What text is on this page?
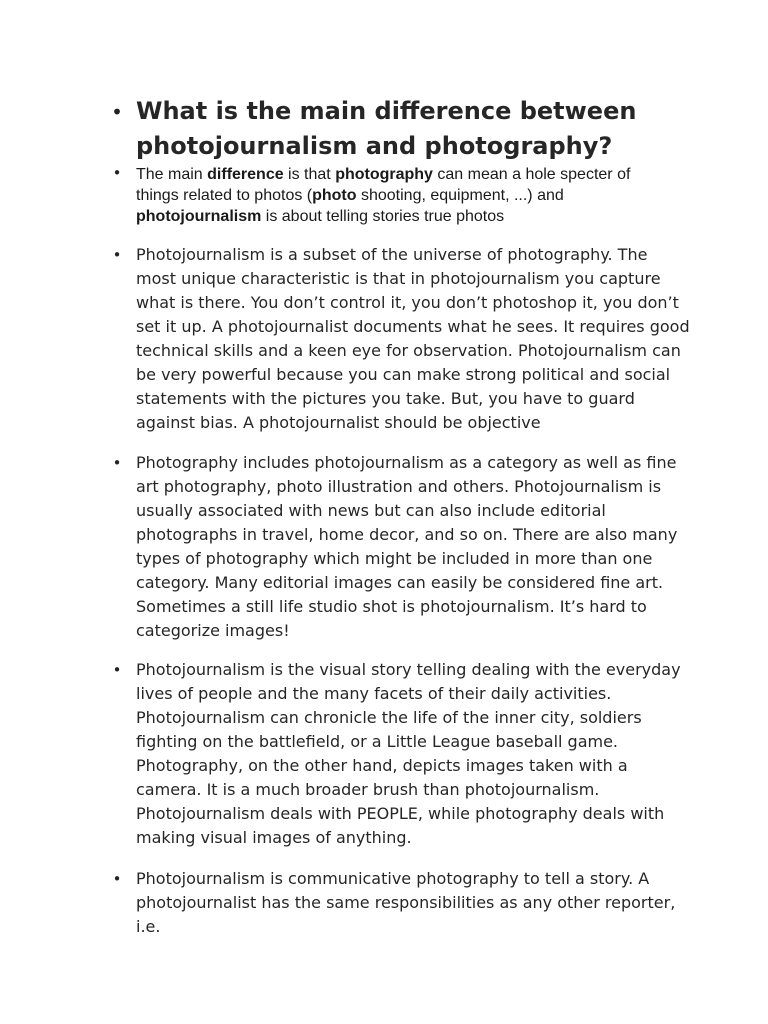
• What is the main difference between photojournalism and photography?
• The main difference is that photography can mean a hole specter of things related to photos (photo shooting, equipment, ...) and photojournalism is about telling stories true photos

• Photojournalism is a subset of the universe of photography. The most unique characteristic is that in photojournalism you capture what is there. You don’t control it, you don’t photoshop it, you don’t set it up. A photojournalist documents what he sees. It requires good technical skills and a keen eye for observation. Photojournalism can be very powerful because you can make strong political and social statements with the pictures you take. But, you have to guard against bias. A photojournalist should be objective

• Photography includes photojournalism as a category as well as fine art photography, photo illustration and others. Photojournalism is usually associated with news but can also include editorial photographs in travel, home decor, and so on. There are also many types of photography which might be included in more than one category. Many editorial images can easily be considered fine art. Sometimes a still life studio shot is photojournalism. It’s hard to categorize images!

• Photojournalism is the visual story telling dealing with the everyday lives of people and the many facets of their daily activities. Photojournalism can chronicle the life of the inner city, soldiers fighting on the battlefield, or a Little League baseball game. Photography, on the other hand, depicts images taken with a camera. It is a much broader brush than photojournalism. Photojournalism deals with PEOPLE, while photography deals with making visual images of anything.

• Photojournalism is communicative photography to tell a story. A photojournalist has the same responsibilities as any other reporter, i.e.
